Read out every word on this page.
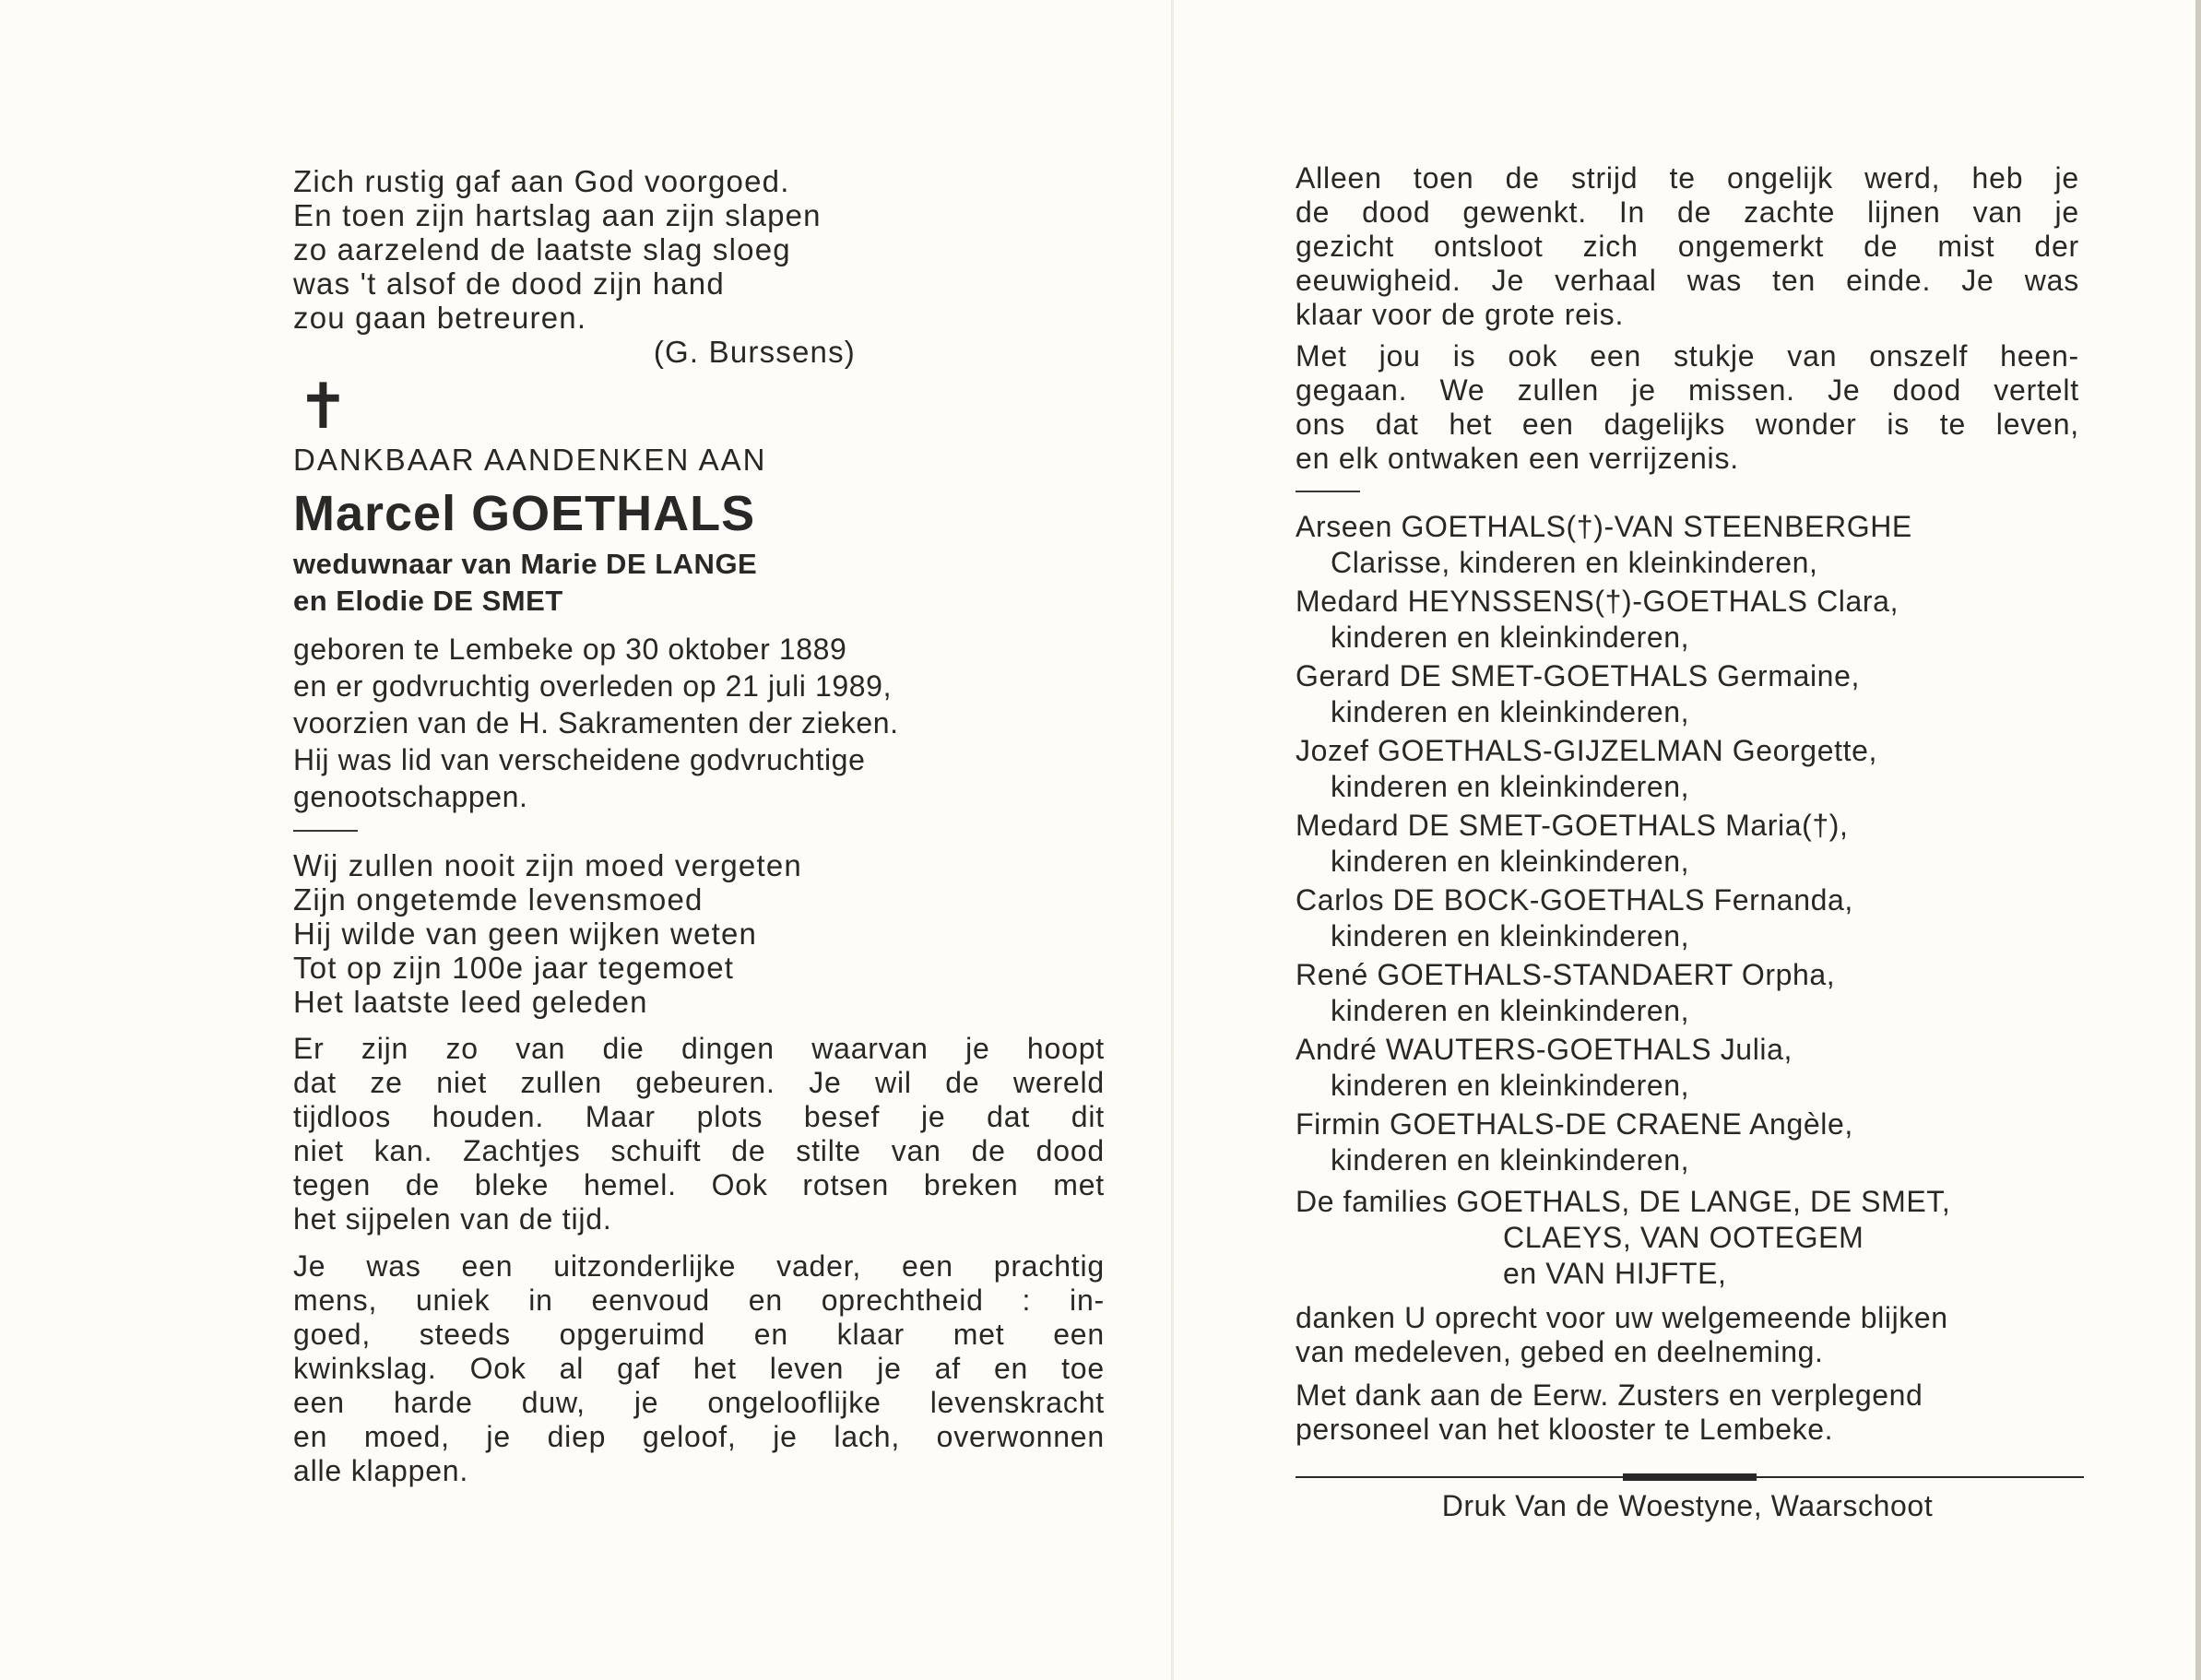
Zich rustig gaf aan God voorgoed.
En toen zijn hartslag aan zijn slapen
zo aarzelend de laatste slag sloeg
was 't alsof de dood zijn hand
zou gaan betreuren.
(G. Burssens)
✝
DANKBAAR AANDENKEN AAN
Marcel GOETHALS
weduwnaar van Marie DE LANGE
en Elodie DE SMET
geboren te Lembeke op 30 oktober 1889
en er godvruchtig overleden op 21 juli 1989,
voorzien van de H. Sakramenten der zieken.
Hij was lid van verscheidene godvruchtige
genootschappen.
Wij zullen nooit zijn moed vergeten
Zijn ongetemde levensmoed
Hij wilde van geen wijken weten
Tot op zijn 100e jaar tegemoet
Het laatste leed geleden
Er zijn zo van die dingen waarvan je hoopt
dat ze niet zullen gebeuren. Je wil de wereld
tijdloos houden. Maar plots besef je dat dit
niet kan. Zachtjes schuift de stilte van de dood
tegen de bleke hemel. Ook rotsen breken met
het sijpelen van de tijd.
Je was een uitzonderlijke vader, een prachtig
mens, uniek in eenvoud en oprechtheid : in-
goed, steeds opgeruimd en klaar met een
kwinkslag. Ook al gaf het leven je af en toe
een harde duw, je ongelooflijke levenskracht
en moed, je diep geloof, je lach, overwonnen
alle klappen.
Alleen toen de strijd te ongelijk werd, heb je
de dood gewenkt. In de zachte lijnen van je
gezicht ontsloot zich ongemerkt de mist der
eeuwigheid. Je verhaal was ten einde. Je was
klaar voor de grote reis.
Met jou is ook een stukje van onszelf heen-
gegaan. We zullen je missen. Je dood vertelt
ons dat het een dagelijks wonder is te leven,
en elk ontwaken een verrijzenis.
Arseen GOETHALS(†)-VAN STEENBERGHE
Clarisse, kinderen en kleinkinderen,
Medard HEYNSSENS(†)-GOETHALS Clara,
kinderen en kleinkinderen,
Gerard DE SMET-GOETHALS Germaine,
kinderen en kleinkinderen,
Jozef GOETHALS-GIJZELMAN Georgette,
kinderen en kleinkinderen,
Medard DE SMET-GOETHALS Maria(†),
kinderen en kleinkinderen,
Carlos DE BOCK-GOETHALS Fernanda,
kinderen en kleinkinderen,
René GOETHALS-STANDAERT Orpha,
kinderen en kleinkinderen,
André WAUTERS-GOETHALS Julia,
kinderen en kleinkinderen,
Firmin GOETHALS-DE CRAENE Angèle,
kinderen en kleinkinderen,
De families GOETHALS, DE LANGE, DE SMET,
CLAEYS, VAN OOTEGEM
en VAN HIJFTE,
danken U oprecht voor uw welgemeende blijken
van medeleven, gebed en deelneming.
Met dank aan de Eerw. Zusters en verplegend
personeel van het klooster te Lembeke.
Druk Van de Woestyne, Waarschoot
